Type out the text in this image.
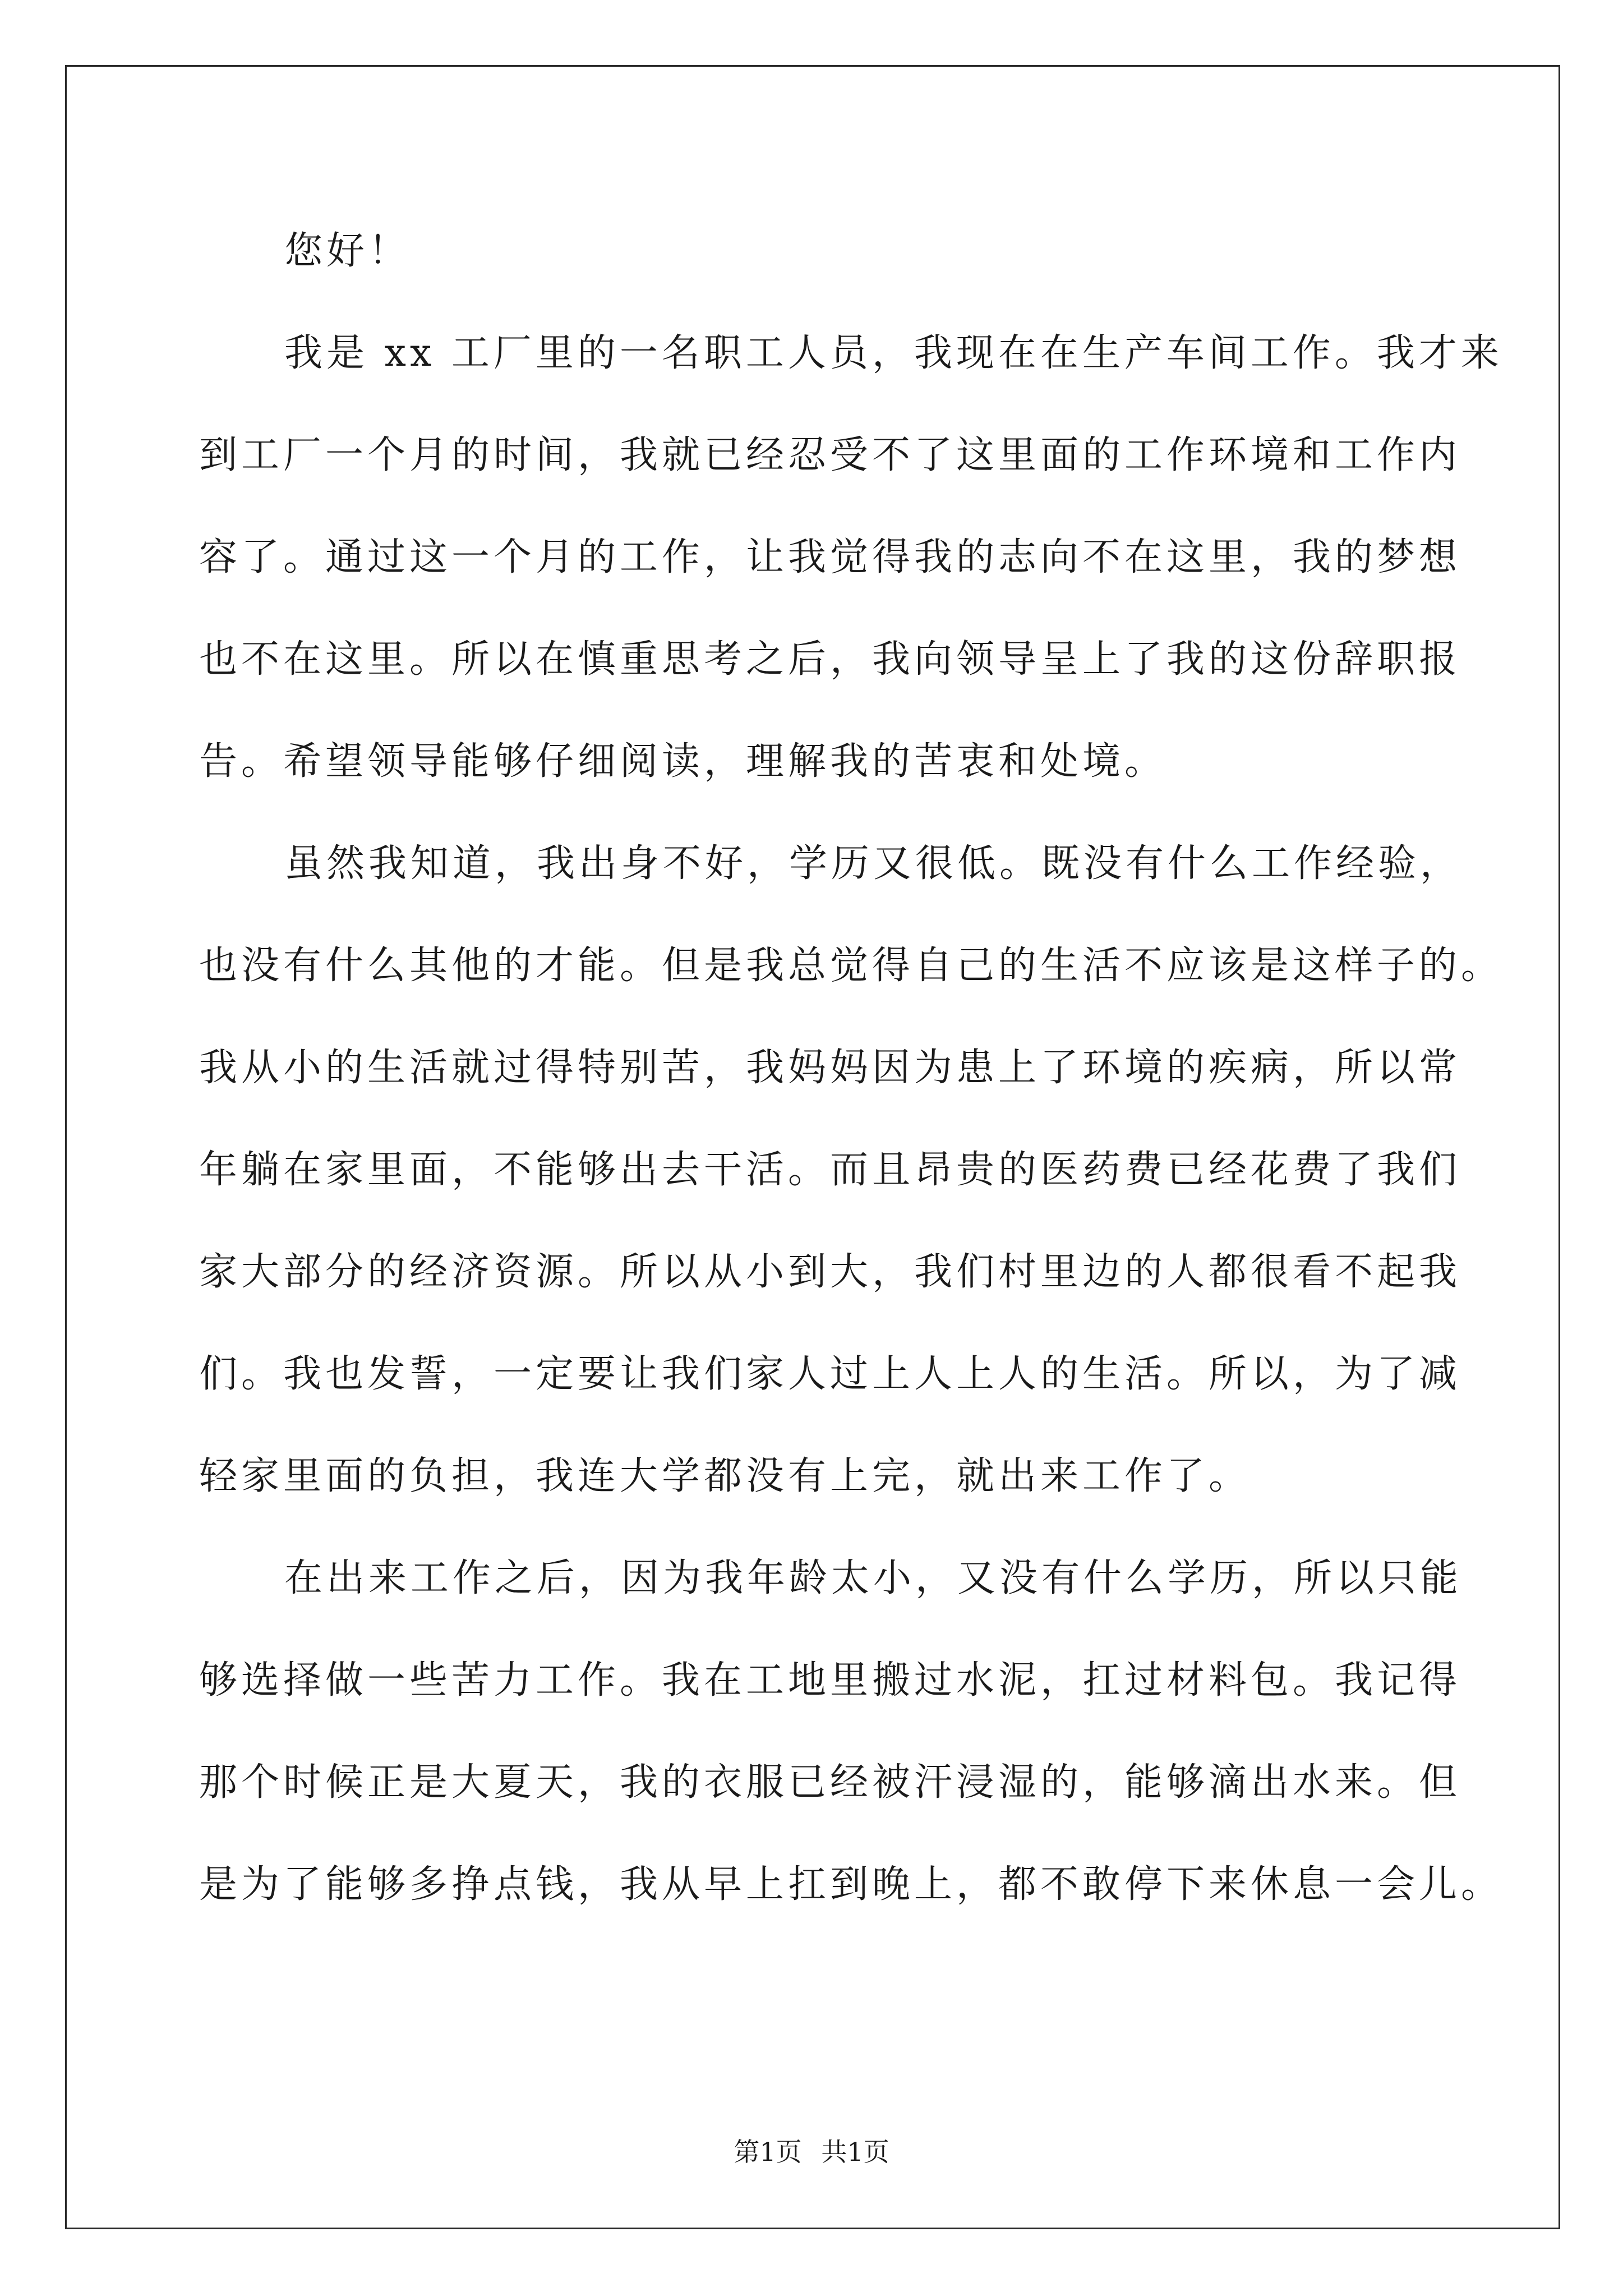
您好！
我是 xx 工厂里的一名职工人员，我现在在生产车间工作。我才来
到工厂一个月的时间，我就已经忍受不了这里面的工作环境和工作内
容了。通过这一个月的工作，让我觉得我的志向不在这里，我的梦想
也不在这里。所以在慎重思考之后，我向领导呈上了我的这份辞职报
告。希望领导能够仔细阅读，理解我的苦衷和处境。
虽然我知道，我出身不好，学历又很低。既没有什么工作经验，
也没有什么其他的才能。但是我总觉得自己的生活不应该是这样子的。
我从小的生活就过得特别苦，我妈妈因为患上了环境的疾病，所以常
年躺在家里面，不能够出去干活。而且昂贵的医药费已经花费了我们
家大部分的经济资源。所以从小到大，我们村里边的人都很看不起我
们。我也发誓，一定要让我们家人过上人上人的生活。所以，为了减
轻家里面的负担，我连大学都没有上完，就出来工作了。
在出来工作之后，因为我年龄太小，又没有什么学历，所以只能
够选择做一些苦力工作。我在工地里搬过水泥，扛过材料包。我记得
那个时候正是大夏天，我的衣服已经被汗浸湿的，能够滴出水来。但
是为了能够多挣点钱，我从早上扛到晚上，都不敢停下来休息一会儿。
第1页 共1页
